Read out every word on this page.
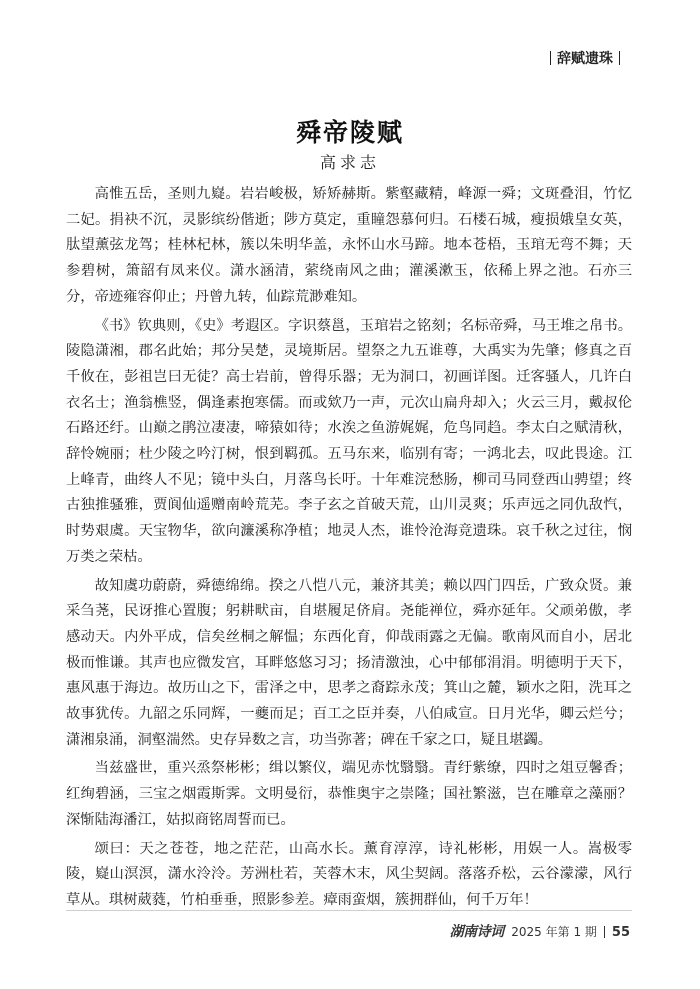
辞赋遗珠
舜帝陵赋
高求志

高惟五岳，圣则九嶷。岩岩峻极，矫矫赫斯。紫壑藏精，峰源一舜；文斑叠泪，竹忆二妃。捐袂不沉，灵影缤纷偕逝；陟方莫定，重瞳怨慕何归。石楼石城，瘦损娥皇女英，肽望薰弦龙驾；桂林杞林，簇以朱明华盖，永怀山水马蹄。地本苍梧，玉琯无弯不舞；天参碧树，箫韶有凤来仪。潇水涵清，萦绕南风之曲；灌溪漱玉，依稀上界之池。石亦三分，帝迹雍容仰止；丹曾九转，仙踪荒渺难知。

《书》钦典则，《史》考遐区。字识蔡邕，玉琯岩之铭刻；名标帝舜，马王堆之帛书。陵隐潇湘，郡名此始；邦分吴楚，灵境斯居。望祭之九五谁尊，大禹实为先肇；修真之百千攸在，彭祖岂曰无徒？高士岩前，曾得乐器；无为洞口，初画详图。迁客骚人，几许白衣名士；渔翁樵竖，偶逢素抱寒儒。而或欸乃一声，元次山扁舟却入；火云三月，戴叔伦石路还纡。山巅之鹃泣凄凄，啼猿如待；水涘之鱼游娓娓，危鸟同趋。李太白之赋清秋，辞怜婉丽；杜少陵之吟汀树，恨到羁孤。五马东来，临别有寄；一鸿北去，叹此畏途。江上峰青，曲终人不见；镜中头白，月落鸟长吁。十年难浣愁肠，柳司马同登西山骋望；终古独推骚雅，贾阆仙遥赠南岭荒芜。李子玄之首破天荒，山川灵爽；乐声远之同仇敌忾，时势艰虞。天宝物华，欲向濂溪称净植；地灵人杰，谁怜沧海竞遗珠。哀千秋之过往，悯万类之荣枯。

故知虞功蔚蔚，舜德绵绵。揆之八恺八元，兼济其美；赖以四门四岳，广致众贤。兼采刍荛，民讶推心置腹；躬耕畎亩，自堪履足侪肩。尧能禅位，舜亦延年。父顽弟傲，孝感动天。内外平成，信矣丝桐之解愠；东西化育，仰哉雨露之无偏。歌南风而自小，居北极而惟谦。其声也应微发宫，耳畔悠悠习习；扬清激浊，心中郁郁涓涓。明德明于天下，惠风惠于海边。故历山之下，雷泽之中，思孝之裔踪永茂；箕山之麓，颖水之阳，洗耳之故事犹传。九韶之乐同辉，一夔而足；百工之臣并奏，八伯咸宣。日月光华，卿云烂兮；潇湘泉涌，洞壑湍然。史存异数之言，功当弥著；碑在千家之口，疑且堪蠲。

当兹盛世，重兴烝祭彬彬；缉以繁仪，端见赤忱翳翳。青纡紫缭，四时之俎豆馨香；红绚碧涵，三宝之烟霞斯霁。文明曼衍，恭惟奥宇之崇隆；国社繁滋，岂在雕章之藻丽？深惭陆海潘江，姑拟商铭周誓而已。

颂曰：天之苍苍，地之茫茫，山高水长。薰育淳淳，诗礼彬彬，用娱一人。嵩极零陵，嶷山溟溟，潇水泠泠。芳洲杜若，芙蓉木末，风尘契阔。落落乔松，云谷濛濛，风行草从。琪树葳蕤，竹柏垂垂，照影参差。瘴雨蛮烟，簇拥群仙，何千万年！

湖南诗词 2025 年第 1 期 55
